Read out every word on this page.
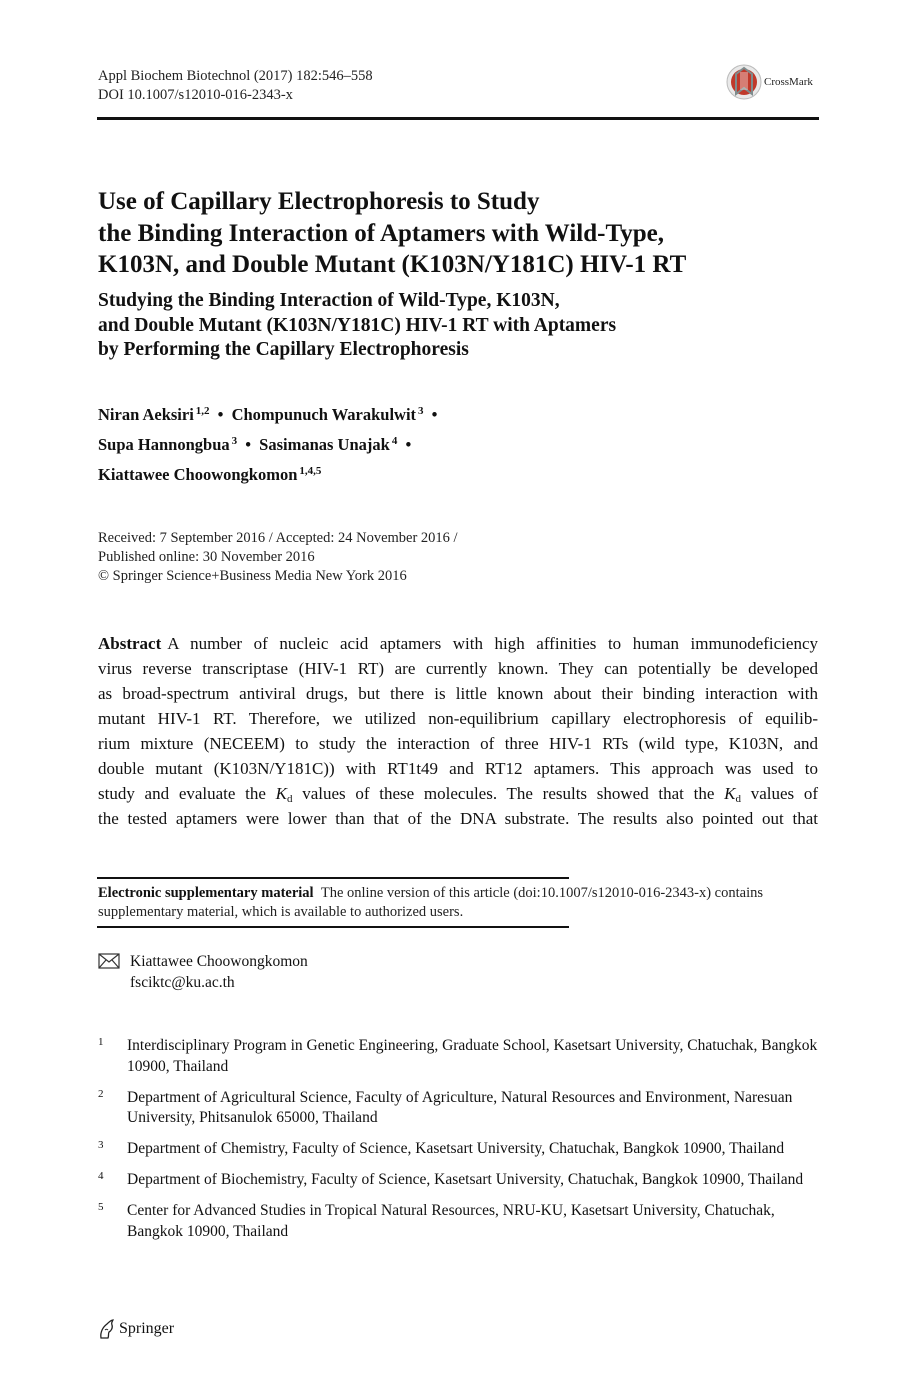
Appl Biochem Biotechnol (2017) 182:546–558
DOI 10.1007/s12010-016-2343-x
CrossMark
Use of Capillary Electrophoresis to Study
the Binding Interaction of Aptamers with Wild-Type,
K103N, and Double Mutant (K103N/Y181C) HIV-1 RT
Studying the Binding Interaction of Wild-Type, K103N,
and Double Mutant (K103N/Y181C) HIV-1 RT with Aptamers
by Performing the Capillary Electrophoresis
Niran Aeksiri $^{1,2}$ • Chompunuch Warakulwit $^3$ •
Supa Hannongbua $^3$ • Sasimanas Unajak $^4$ •
Kiattawee Choowongkomon $^{1,4,5}$
Received: 7 September 2016 / Accepted: 24 November 2016 /
Published online: 30 November 2016
© Springer Science+Business Media New York 2016
Abstract A number of nucleic acid aptamers with high affinities to human immunodeficiency
virus reverse transcriptase (HIV-1 RT) are currently known. They can potentially be developed
as broad-spectrum antiviral drugs, but there is little known about their binding interaction with
mutant HIV-1 RT. Therefore, we utilized non-equilibrium capillary electrophoresis of equilib-
rium mixture (NECEEM) to study the interaction of three HIV-1 RTs (wild type, K103N, and
double mutant (K103N/Y181C)) with RT1t49 and RT12 aptamers. This approach was used to
study and evaluate the $K_d$ values of these molecules. The results showed that the $K_d$ values of
the tested aptamers were lower than that of the DNA substrate. The results also pointed out that
Electronic supplementary material The online version of this article (doi:10.1007/s12010-016-2343-x) contains supplementary material, which is available to authorized users.
Kiattawee Choowongkomon
fsciktc@ku.ac.th
1 Interdisciplinary Program in Genetic Engineering, Graduate School, Kasetsart University, Chatuchak, Bangkok 10900, Thailand
2 Department of Agricultural Science, Faculty of Agriculture, Natural Resources and Environment, Naresuan University, Phitsanulok 65000, Thailand
3 Department of Chemistry, Faculty of Science, Kasetsart University, Chatuchak, Bangkok 10900, Thailand
4 Department of Biochemistry, Faculty of Science, Kasetsart University, Chatuchak, Bangkok 10900, Thailand
5 Center for Advanced Studies in Tropical Natural Resources, NRU-KU, Kasetsart University, Chatuchak, Bangkok 10900, Thailand
Springer
